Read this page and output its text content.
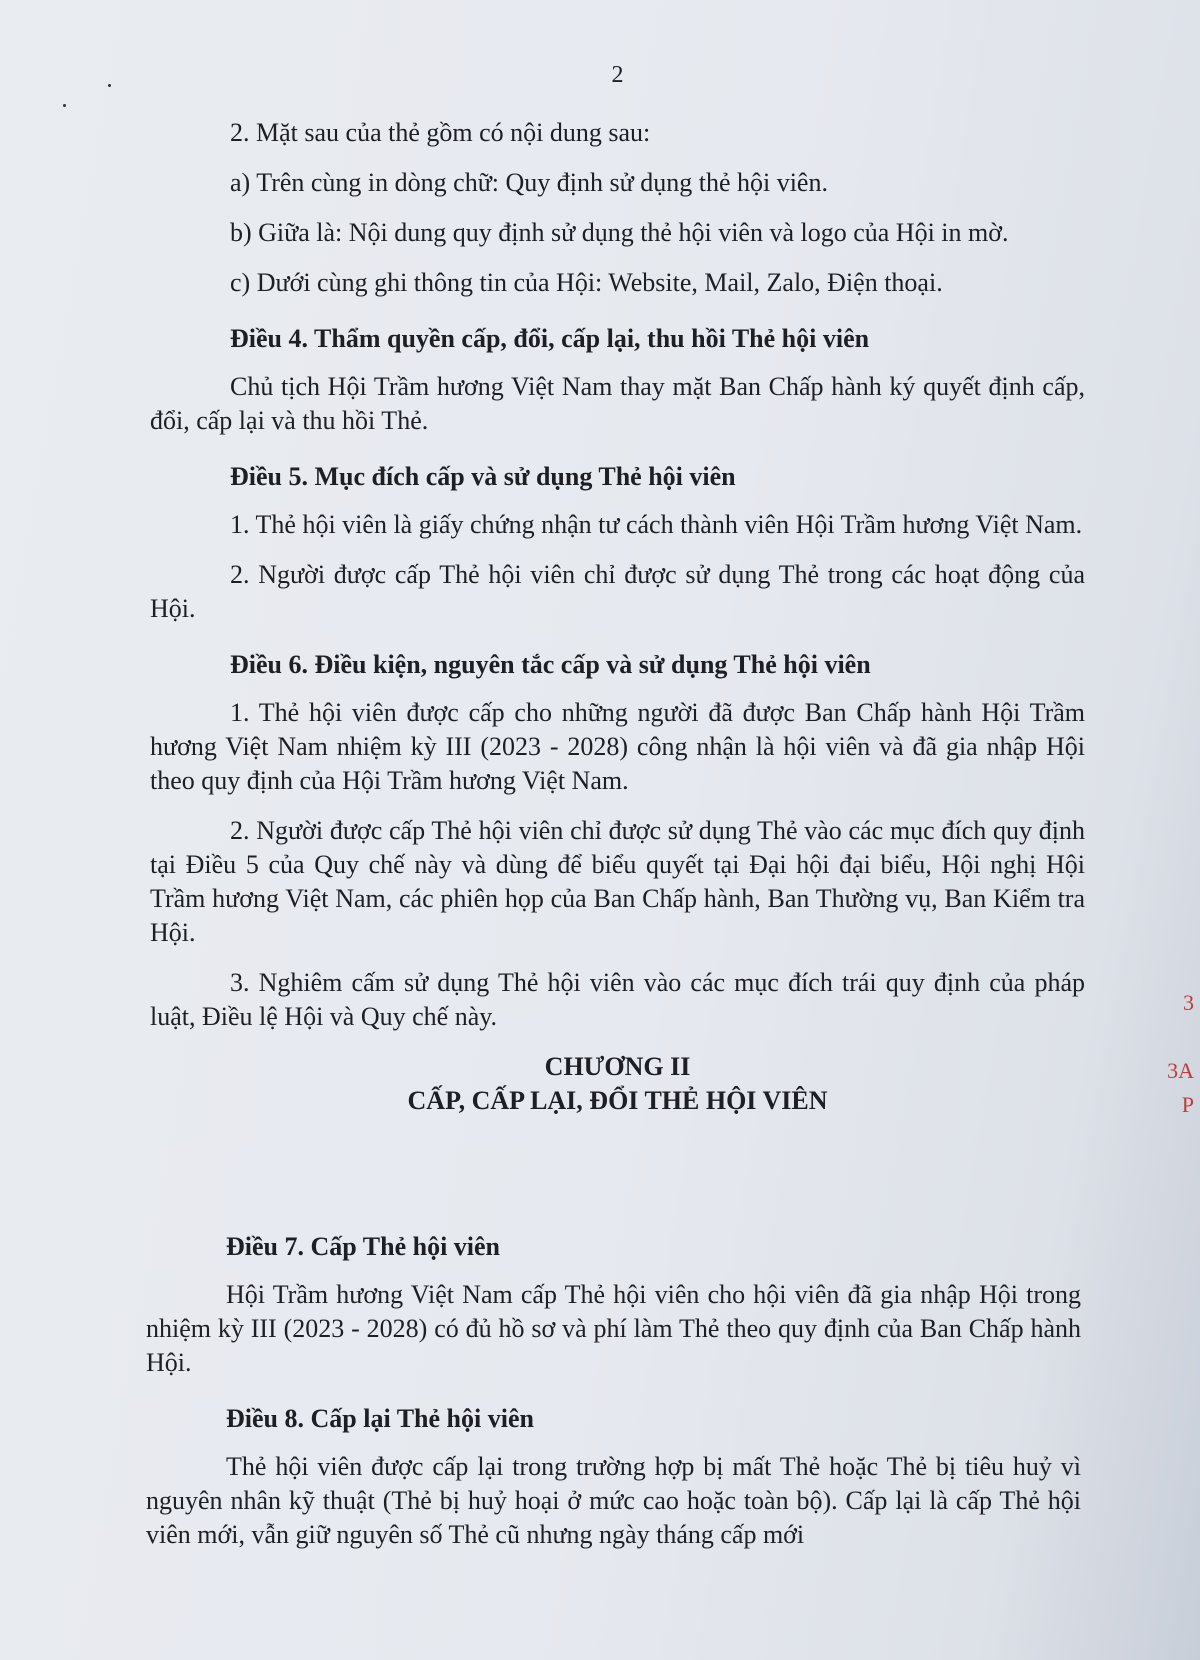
2

2. Mặt sau của thẻ gồm có nội dung sau:

a) Trên cùng in dòng chữ: Quy định sử dụng thẻ hội viên.

b) Giữa là: Nội dung quy định sử dụng thẻ hội viên và logo của Hội in mờ.

c) Dưới cùng ghi thông tin của Hội: Website, Mail, Zalo, Điện thoại.

Điều 4. Thẩm quyền cấp, đổi, cấp lại, thu hồi Thẻ hội viên

Chủ tịch Hội Trầm hương Việt Nam thay mặt Ban Chấp hành ký quyết định cấp, đổi, cấp lại và thu hồi Thẻ.

Điều 5. Mục đích cấp và sử dụng Thẻ hội viên

1. Thẻ hội viên là giấy chứng nhận tư cách thành viên Hội Trầm hương Việt Nam.

2. Người được cấp Thẻ hội viên chỉ được sử dụng Thẻ trong các hoạt động của Hội.

Điều 6. Điều kiện, nguyên tắc cấp và sử dụng Thẻ hội viên

1. Thẻ hội viên được cấp cho những người đã được Ban Chấp hành Hội Trầm hương Việt Nam nhiệm kỳ III (2023 - 2028) công nhận là hội viên và đã gia nhập Hội theo quy định của Hội Trầm hương Việt Nam.

2. Người được cấp Thẻ hội viên chỉ được sử dụng Thẻ vào các mục đích quy định tại Điều 5 của Quy chế này và dùng để biểu quyết tại Đại hội đại biểu, Hội nghị Hội Trầm hương Việt Nam, các phiên họp của Ban Chấp hành, Ban Thường vụ, Ban Kiểm tra Hội.

3. Nghiêm cấm sử dụng Thẻ hội viên vào các mục đích trái quy định của pháp luật, Điều lệ Hội và Quy chế này.

CHƯƠNG II

CẤP, CẤP LẠI, ĐỔI THẺ HỘI VIÊN

Điều 7. Cấp Thẻ hội viên

Hội Trầm hương Việt Nam cấp Thẻ hội viên cho hội viên đã gia nhập Hội trong nhiệm kỳ III (2023 - 2028) có đủ hồ sơ và phí làm Thẻ theo quy định của Ban Chấp hành Hội.

Điều 8. Cấp lại Thẻ hội viên

Thẻ hội viên được cấp lại trong trường hợp bị mất Thẻ hoặc Thẻ bị tiêu huỷ vì nguyên nhân kỹ thuật (Thẻ bị huỷ hoại ở mức cao hoặc toàn bộ). Cấp lại là cấp Thẻ hội viên mới, vẫn giữ nguyên số Thẻ cũ nhưng ngày tháng cấp mới

3
3A
P
